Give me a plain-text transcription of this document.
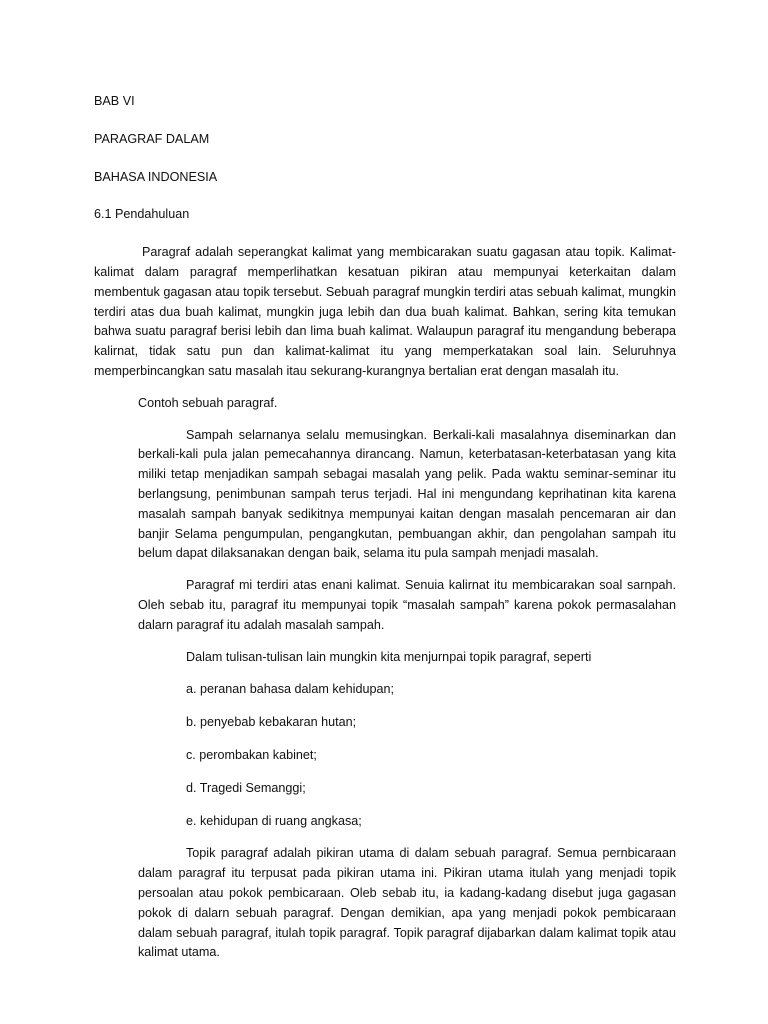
BAB VI
PARAGRAF DALAM
BAHASA INDONESIA
6.1 Pendahuluan

Paragraf adalah seperangkat kalimat yang membicarakan suatu gagasan atau topik. Kalimat-kalimat dalam paragraf memperlihatkan kesatuan pikiran atau mempunyai keterkaitan dalam membentuk gagasan atau topik tersebut. Sebuah paragraf mungkin terdiri atas sebuah kalimat, mungkin terdiri atas dua buah kalimat, mungkin juga lebih dan dua buah kalimat. Bahkan, sering kita temukan bahwa suatu paragraf berisi lebih dan lima buah kalimat. Walaupun paragraf itu mengandung beberapa kalirnat, tidak satu pun dan kalimat-kalimat itu yang memperkatakan soal lain. Seluruhnya memperbincangkan satu masalah itau sekurang-kurangnya bertalian erat dengan masalah itu.

Contoh sebuah paragraf.

Sampah selarnanya selalu memusingkan. Berkali-kali masalahnya diseminarkan dan berkali-kali pula jalan pemecahannya dirancang. Namun, keterbatasan-keterbatasan yang kita miliki tetap menjadikan sampah sebagai masalah yang pelik. Pada waktu seminar-seminar itu berlangsung, penimbunan sampah terus terjadi. Hal ini mengundang keprihatinan kita karena masalah sampah banyak sedikitnya mempunyai kaitan dengan masalah pencemaran air dan banjir Selama pengumpulan, pengangkutan, pembuangan akhir, dan pengolahan sampah itu belum dapat dilaksanakan dengan baik, selama itu pula sampah menjadi masalah.

Paragraf mi terdiri atas enani kalimat. Senuia kalirnat itu membicarakan soal sarnpah. Oleh sebab itu, paragraf itu mempunyai topik “masalah sampah” karena pokok permasalahan dalarn paragraf itu adalah masalah sampah.

Dalam tulisan-tulisan lain mungkin kita menjurnpai topik paragraf, seperti

a. peranan bahasa dalam kehidupan;
b. penyebab kebakaran hutan;
c. perombakan kabinet;
d. Tragedi Semanggi;
e. kehidupan di ruang angkasa;

Topik paragraf adalah pikiran utama di dalam sebuah paragraf. Semua pernbicaraan dalam paragraf itu terpusat pada pikiran utama ini. Pikiran utama itulah yang menjadi topik persoalan atau pokok pembicaraan. Oleb sebab itu, ia kadang-kadang disebut juga gagasan pokok di dalarn sebuah paragraf. Dengan demikian, apa yang menjadi pokok pembicaraan dalam sebuah paragraf, itulah topik paragraf. Topik paragraf dijabarkan dalam kalimat topik atau kalimat utama.
